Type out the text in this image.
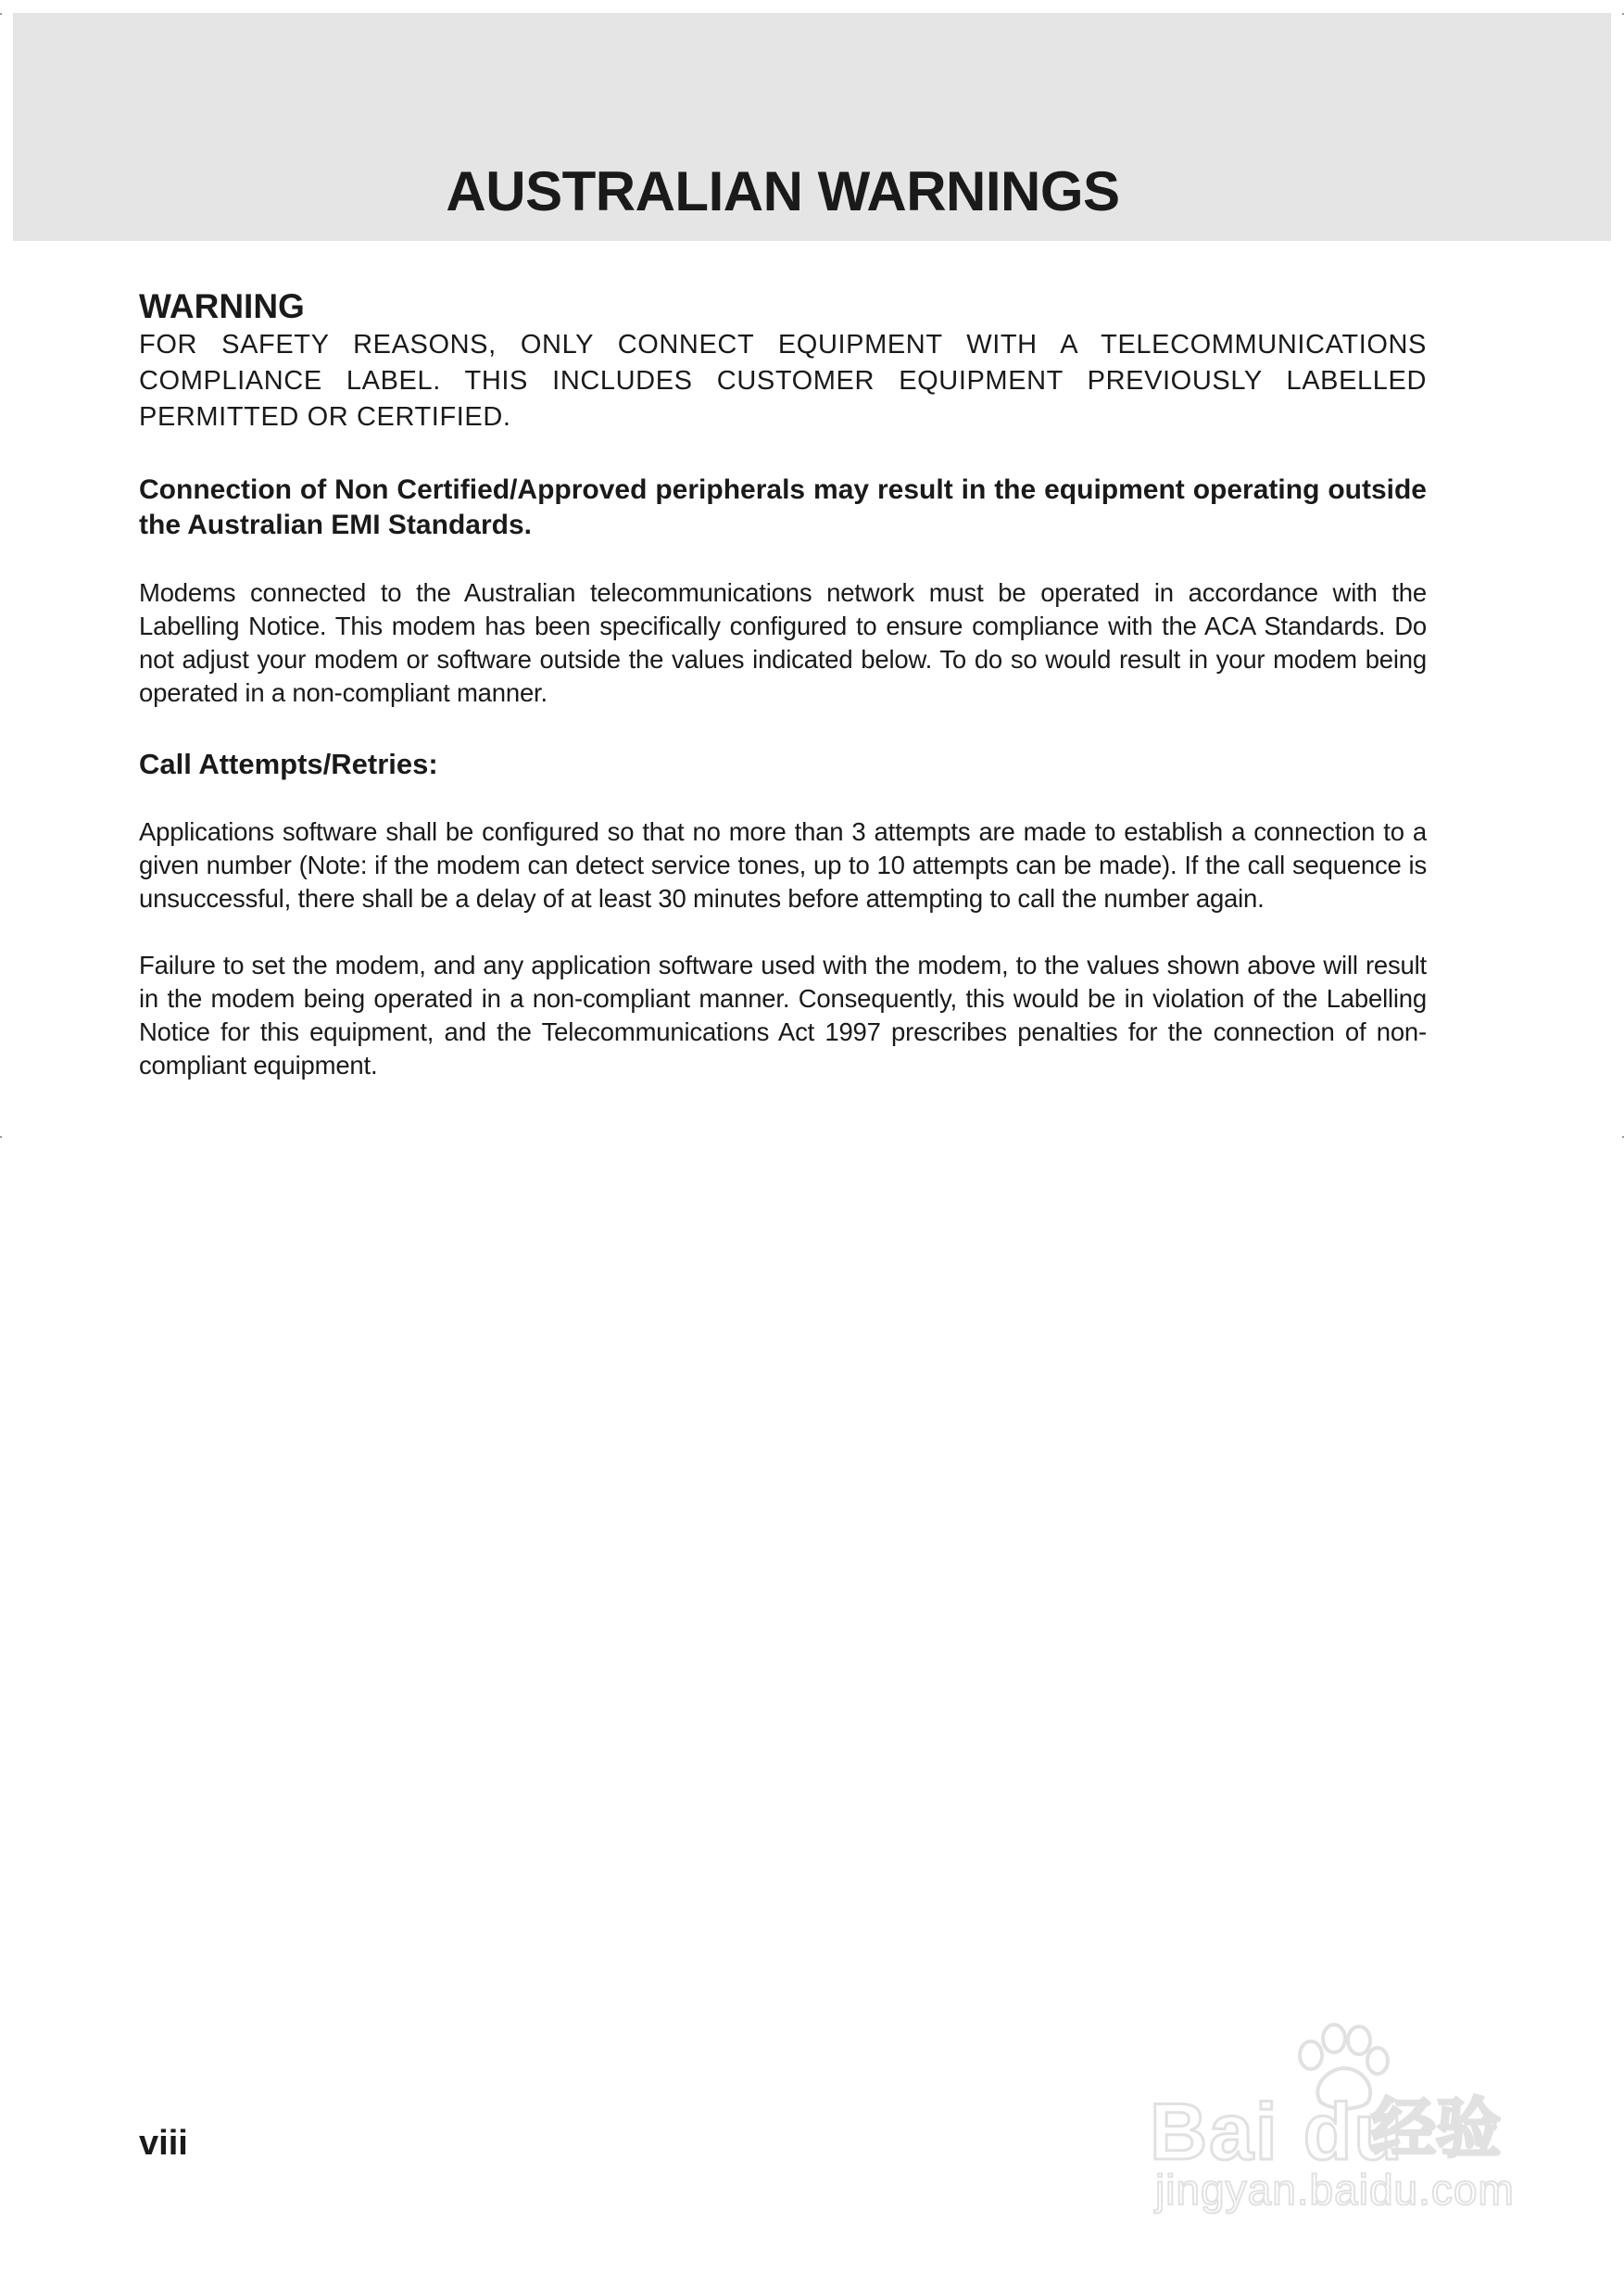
AUSTRALIAN WARNINGS
WARNING

FOR SAFETY REASONS, ONLY CONNECT EQUIPMENT WITH A TELECOMMUNICATIONS COMPLIANCE LABEL. THIS INCLUDES CUSTOMER EQUIPMENT PREVIOUSLY LABELLED PERMITTED OR CERTIFIED.

Connection of Non Certified/Approved peripherals may result in the equipment operating outside the Australian EMI Standards.

Modems connected to the Australian telecommunications network must be operated in accordance with the Labelling Notice. This modem has been specifically configured to ensure compliance with the ACA Standards. Do not adjust your modem or software outside the values indicated below. To do so would result in your modem being operated in a non-compliant manner.

Call Attempts/Retries:

Applications software shall be configured so that no more than 3 attempts are made to establish a connection to a given number (Note: if the modem can detect service tones, up to 10 attempts can be made). If the call sequence is unsuccessful, there shall be a delay of at least 30 minutes before attempting to call the number again.

Failure to set the modem, and any application software used with the modem, to the values shown above will result in the modem being operated in a non-compliant manner. Consequently, this would be in violation of the Labelling Notice for this equipment, and the Telecommunications Act 1997 prescribes penalties for the connection of non-compliant equipment.

viii	Bai du

经验

jingyan.baidu.com
